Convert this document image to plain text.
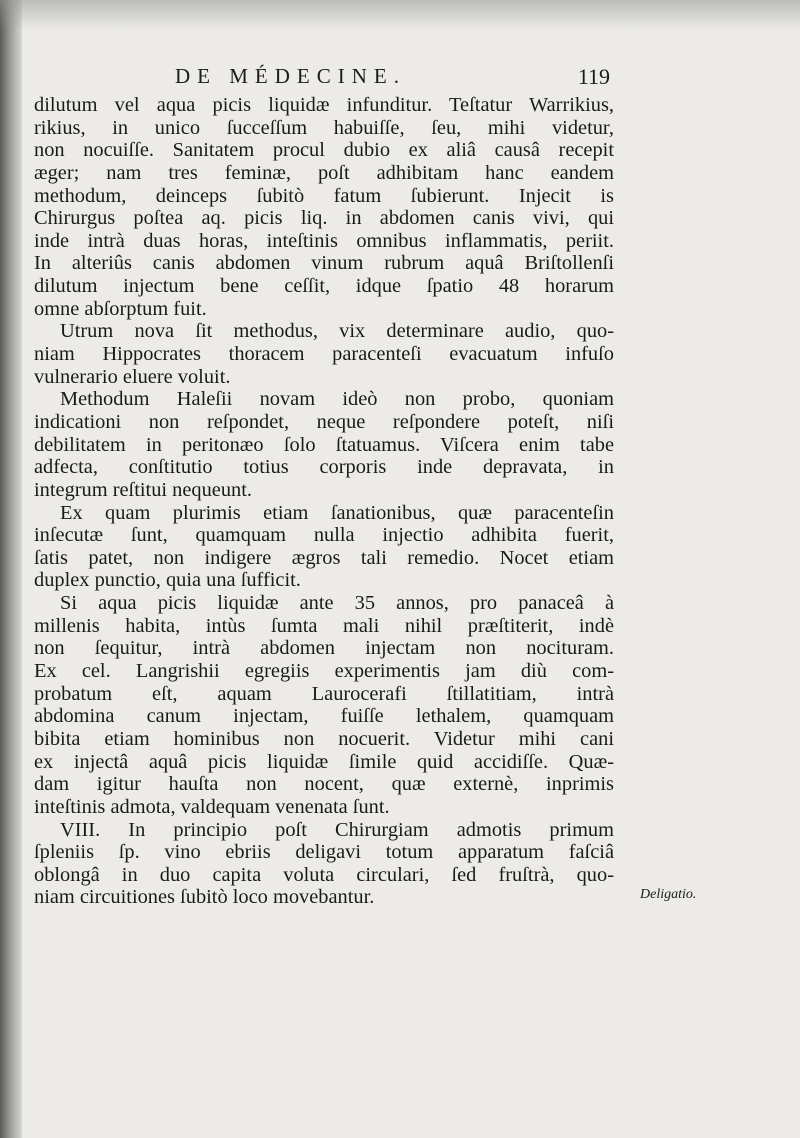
DE MÉDECINE.	119
dilutum vel aqua picis liquidæ infunditur. Teſtatur Warrikius,
rikius, in unico ſucceſſum habuiſſe, ſeu, mihi videtur,
non nocuiſſe. Sanitatem procul dubio ex aliâ causâ recepit
æger; nam tres feminæ, poſt adhibitam hanc eandem
methodum, deinceps ſubitò fatum ſubierunt. Injecit is
Chirurgus poſtea aq. picis liq. in abdomen canis vivi, qui
inde intrà duas horas, inteſtinis omnibus inflammatis, periit.
In alteriûs canis abdomen vinum rubrum aquâ Briſtollenſi
dilutum injectum bene ceſſit, idque ſpatio 48 horarum
omne abſorptum fuit.
Utrum nova ſit methodus, vix determinare audio, quo-
niam Hippocrates thoracem paracenteſi evacuatum infuſo
vulnerario eluere voluit.
Methodum Haleſii novam ideò non probo, quoniam
indicationi non reſpondet, neque reſpondere poteſt, niſi
debilitatem in peritonæo ſolo ſtatuamus. Viſcera enim tabe
adfecta, conſtitutio totius corporis inde depravata, in
integrum reſtitui nequeunt.
Ex quam plurimis etiam ſanationibus, quæ paracenteſin
inſecutæ ſunt, quamquam nulla injectio adhibita fuerit,
ſatis patet, non indigere ægros tali remedio. Nocet etiam
duplex punctio, quia una ſufficit.
Si aqua picis liquidæ ante 35 annos, pro panaceâ à
millenis habita, intùs ſumta mali nihil præſtiterit, indè
non ſequitur, intrà abdomen injectam non nocituram.
Ex cel. Langrishii egregiis experimentis jam diù com-
probatum eſt, aquam Laurocerafi ſtillatitiam, intrà
abdomina canum injectam, fuiſſe lethalem, quamquam
bibita etiam hominibus non nocuerit. Videtur mihi cani
ex injectâ aquâ picis liquidæ ſimile quid accidiſſe. Quæ-
dam igitur hauſta non nocent, quæ externè, inprimis
inteſtinis admota, valdequam venenata ſunt.
VIII. In principio poſt Chirurgiam admotis primum
ſpleniis ſp. vino ebriis deligavi totum apparatum faſciâ
oblongâ in duo capita voluta circulari, ſed fruſtrà, quo-
niam circuitiones ſubitò loco movebantur.	Deligatio.
